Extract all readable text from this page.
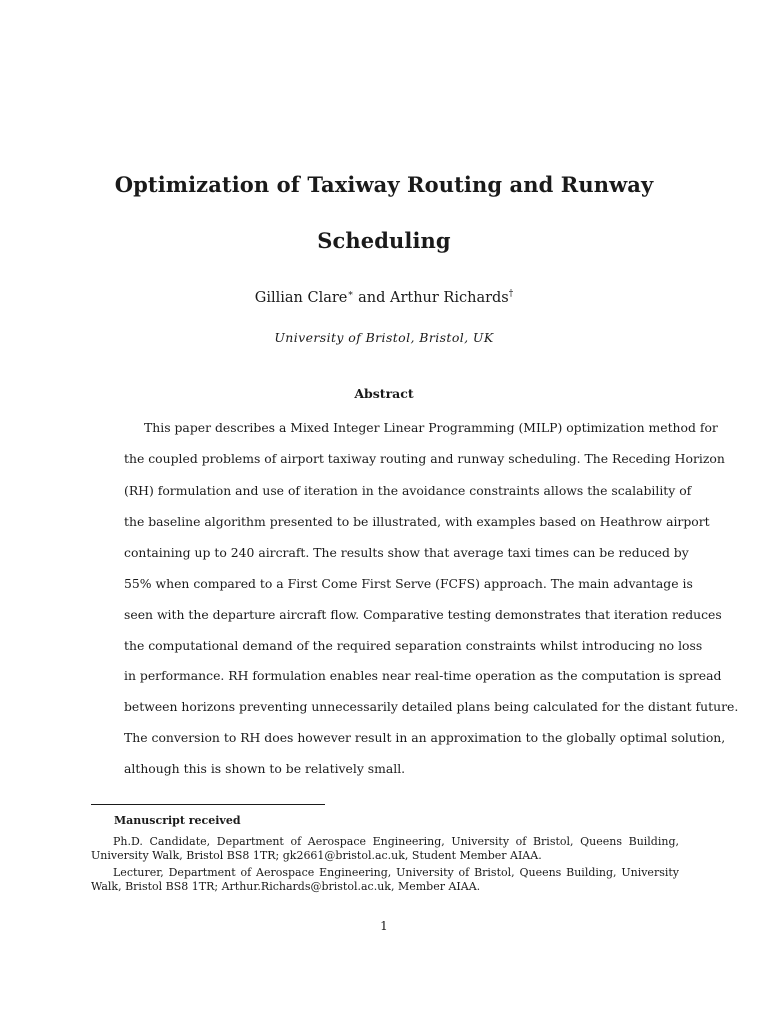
Optimization of Taxiway Routing and Runway
Scheduling
Gillian Clare∗ and Arthur Richards†
University of Bristol, Bristol, UK
Abstract
This paper describes a Mixed Integer Linear Programming (MILP) optimization method for
the coupled problems of airport taxiway routing and runway scheduling. The Receding Horizon
(RH) formulation and use of iteration in the avoidance constraints allows the scalability of
the baseline algorithm presented to be illustrated, with examples based on Heathrow airport
containing up to 240 aircraft. The results show that average taxi times can be reduced by
55% when compared to a First Come First Serve (FCFS) approach. The main advantage is
seen with the departure aircraft flow. Comparative testing demonstrates that iteration reduces
the computational demand of the required separation constraints whilst introducing no loss
in performance. RH formulation enables near real-time operation as the computation is spread
between horizons preventing unnecessarily detailed plans being calculated for the distant future.
The conversion to RH does however result in an approximation to the globally optimal solution,
although this is shown to be relatively small.
Manuscript received
Ph.D. Candidate, Department of Aerospace Engineering, University of Bristol, Queens Building, University Walk, Bristol BS8 1TR; gk2661@bristol.ac.uk, Student Member AIAA.
Lecturer, Department of Aerospace Engineering, University of Bristol, Queens Building, University Walk, Bristol BS8 1TR; Arthur.Richards@bristol.ac.uk, Member AIAA.
1
